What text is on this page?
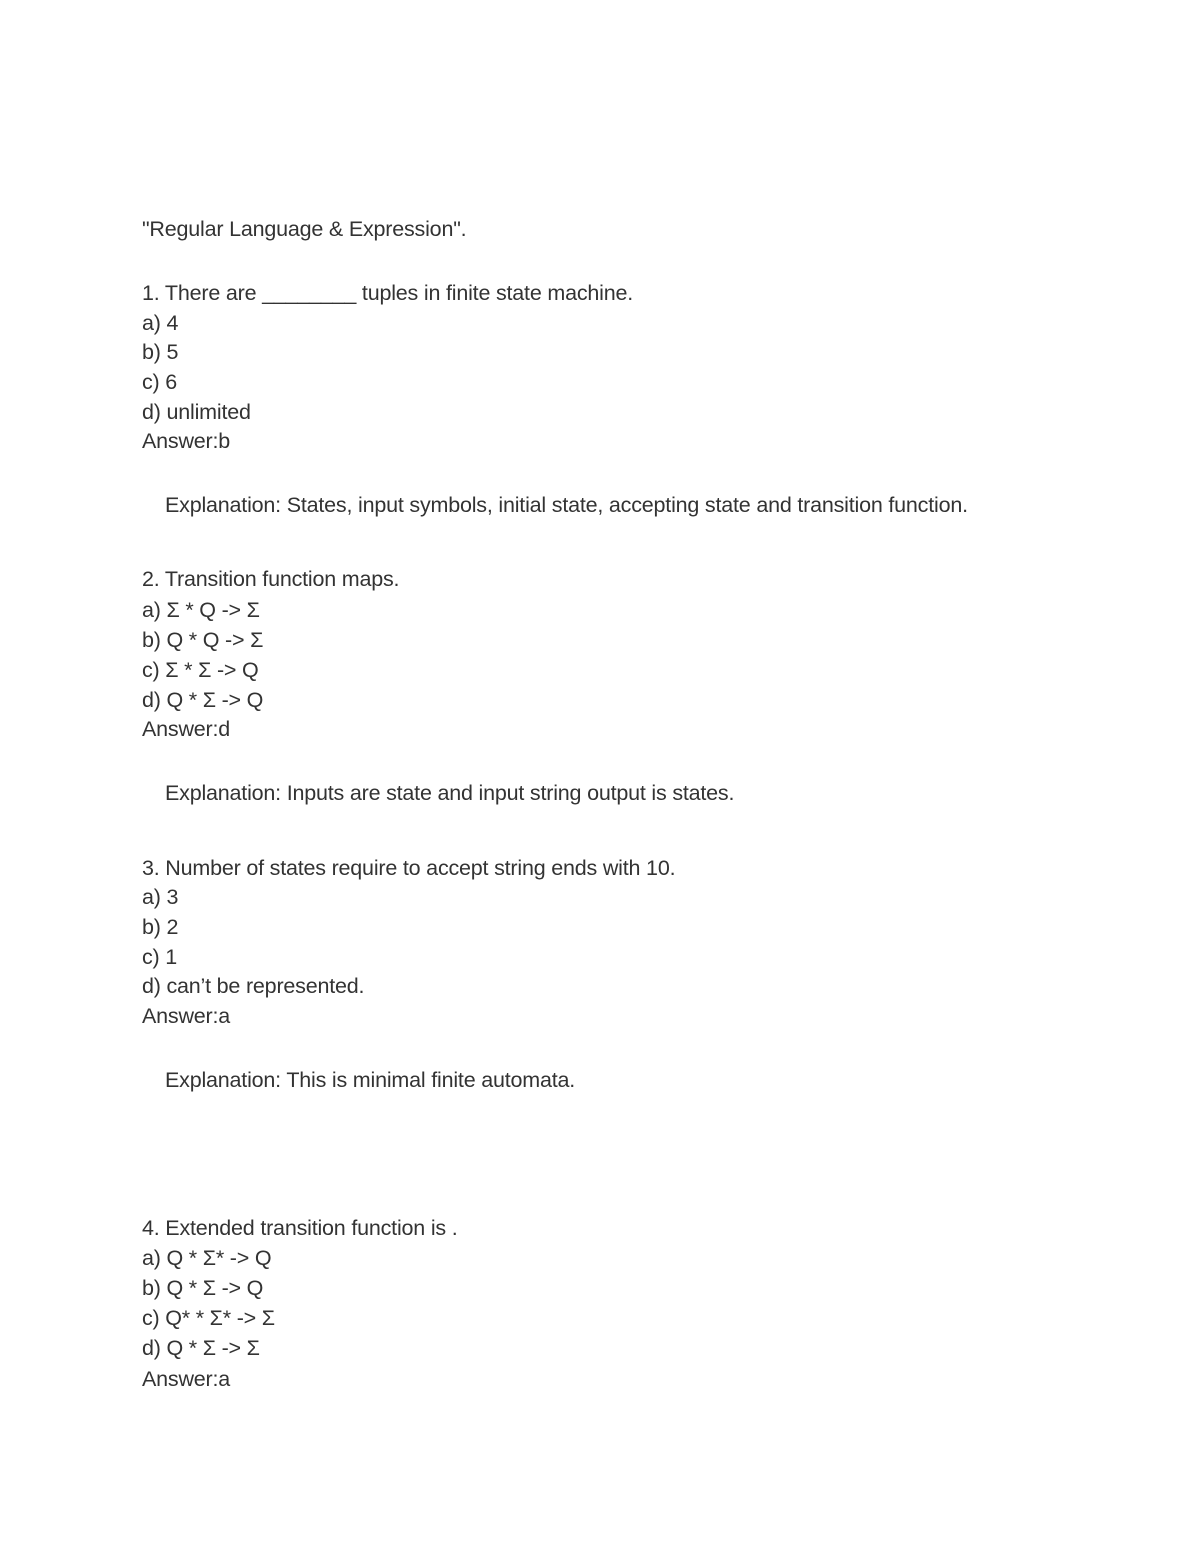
"Regular Language & Expression".
1. There are ________ tuples in finite state machine.
a) 4
b) 5
c) 6
d) unlimited
Answer:b
Explanation: States, input symbols, initial state, accepting state and transition function.
2. Transition function maps.
a) Σ * Q -> Σ
b) Q * Q -> Σ
c) Σ * Σ -> Q
d) Q * Σ -> Q
Answer:d
Explanation: Inputs are state and input string output is states.
3. Number of states require to accept string ends with 10.
a) 3
b) 2
c) 1
d) can’t be represented.
Answer:a
Explanation: This is minimal finite automata.
4. Extended transition function is .
a) Q * Σ* -> Q
b) Q * Σ -> Q
c) Q* * Σ* -> Σ
d) Q * Σ -> Σ
Answer:a
